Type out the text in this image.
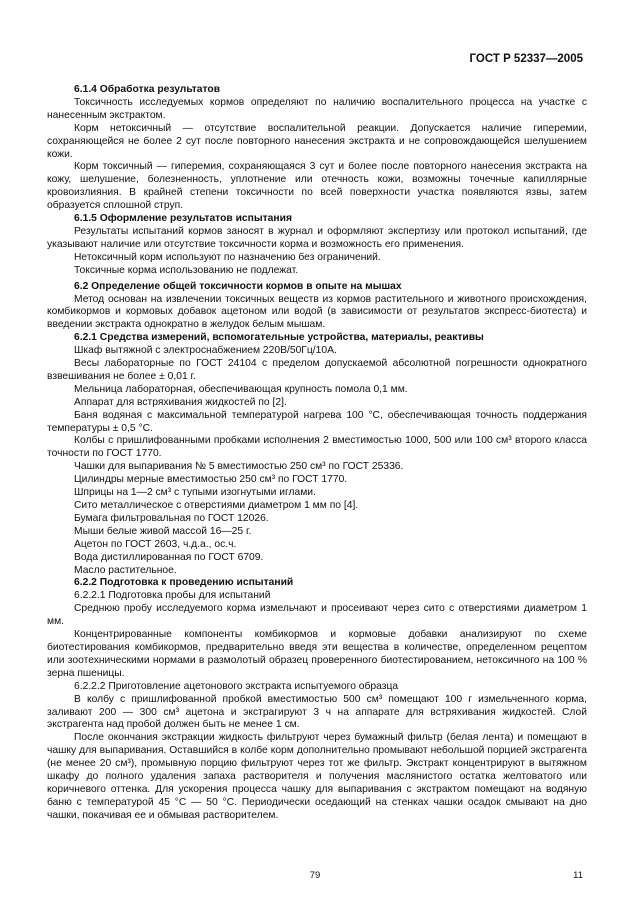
ГОСТ Р 52337—2005

6.1.4 Обработка результатов

Токсичность исследуемых кормов определяют по наличию воспалительного процесса на участке с нанесенным экстрактом.

Корм нетоксичный — отсутствие воспалительной реакции. Допускается наличие гиперемии, сохраняющейся не более 2 сут после повторного нанесения экстракта и не сопровождающейся шелушением кожи.

Корм токсичный — гиперемия, сохраняющаяся 3 сут и более после повторного нанесения экстракта на кожу, шелушение, болезненность, уплотнение или отечность кожи, возможны точечные капиллярные кровоизлияния. В крайней степени токсичности по всей поверхности участка появляются язвы, затем образуется сплошной струп.

6.1.5 Оформление результатов испытания

Результаты испытаний кормов заносят в журнал и оформляют экспертизу или протокол испытаний, где указывают наличие или отсутствие токсичности корма и возможность его применения.

Нетоксичный корм используют по назначению без ограничений.

Токсичные корма использованию не подлежат.

6.2 Определение общей токсичности кормов в опыте на мышах

Метод основан на извлечении токсичных веществ из кормов растительного и животного происхождения, комбикормов и кормовых добавок ацетоном или водой (в зависимости от результатов экспресс-биотеста) и введении экстракта однократно в желудок белым мышам.

6.2.1 Средства измерений, вспомогательные устройства, материалы, реактивы

Шкаф вытяжной с электроснабжением 220В/50Гц/10А.

Весы лабораторные по ГОСТ 24104 с пределом допускаемой абсолютной погрешности однократного взвешивания не более ± 0,01 г.

Мельница лабораторная, обеспечивающая крупность помола 0,1 мм.

Аппарат для встряхивания жидкостей по [2].

Баня водяная с максимальной температурой нагрева 100 °С, обеспечивающая точность поддержания температуры ± 0,5 °С.

Колбы с пришлифованными пробками исполнения 2 вместимостью 1000, 500 или 100 см³ второго класса точности по ГОСТ 1770.

Чашки для выпаривания № 5 вместимостью 250 см³ по ГОСТ 25336.

Цилиндры мерные вместимостью 250 см³ по ГОСТ 1770.

Шприцы на 1—2 см³ с тупыми изогнутыми иглами.

Сито металлическое с отверстиями диаметром 1 мм по [4].

Бумага фильтровальная по ГОСТ 12026.

Мыши белые живой массой 16—25 г.

Ацетон по ГОСТ 2603, ч.д.а., ос.ч.

Вода дистиллированная по ГОСТ 6709.

Масло растительное.

6.2.2 Подготовка к проведению испытаний

6.2.2.1 Подготовка пробы для испытаний

Среднюю пробу исследуемого корма измельчают и просеивают через сито с отверстиями диаметром 1 мм.

Концентрированные компоненты комбикормов и кормовые добавки анализируют по схеме биотестирования комбикормов, предварительно введя эти вещества в количестве, определенном рецептом или зоотехническими нормами в размолотый образец проверенного биотестированием, нетоксичного на 100 % зерна пшеницы.

6.2.2.2 Приготовление ацетонового экстракта испытуемого образца

В колбу с пришлифованной пробкой вместимостью 500 см³ помещают 100 г измельченного корма, заливают 200 — 300 см³ ацетона и экстрагируют 3 ч на аппарате для встряхивания жидкостей. Слой экстрагента над пробой должен быть не менее 1 см.

После окончания экстракции жидкость фильтруют через бумажный фильтр (белая лента) и помещают в чашку для выпаривания. Оставшийся в колбе корм дополнительно промывают небольшой порцией экстрагента (не менее 20 см³), промывную порцию фильтруют через тот же фильтр. Экстракт концентрируют в вытяжном шкафу до полного удаления запаха растворителя и получения маслянистого остатка желтоватого или коричневого оттенка. Для ускорения процесса чашку для выпаривания с экстрактом помещают на водяную баню с температурой 45 °С — 50 °С. Периодически оседающий на стенках чашки осадок смывают на дно чашки, покачивая ее и обмывая растворителем.

79	11
